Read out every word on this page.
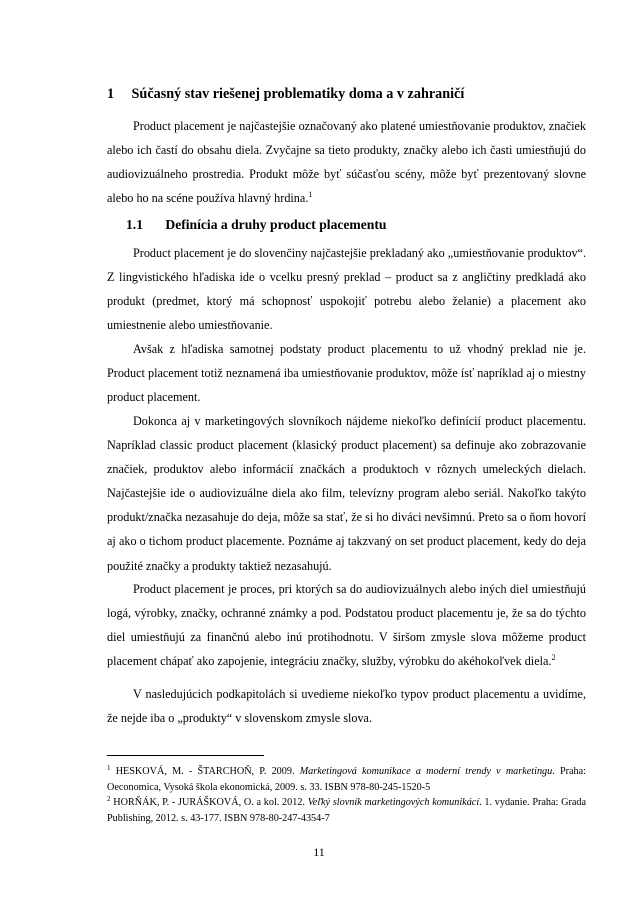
1 Súčasný stav riešenej problematiky doma a v zahraničí

Product placement je najčastejšie označovaný ako platené umiestňovanie produktov, značiek alebo ich častí do obsahu diela. Zvyčajne sa tieto produkty, značky alebo ich časti umiestňujú do audiovizuálneho prostredia. Produkt môže byť súčasťou scény, môže byť prezentovaný slovne alebo ho na scéne používa hlavný hrdina.$^1$

1.1 Definícia a druhy product placementu

Product placement je do slovenčiny najčastejšie prekladaný ako „umiestňovanie produktov“. Z lingvistického hľadiska ide o vcelku presný preklad – product sa z angličtiny predkladá ako produkt (predmet, ktorý má schopnosť uspokojiť potrebu alebo želanie) a placement ako umiestnenie alebo umiestňovanie.

Avšak z hľadiska samotnej podstaty product placementu to už vhodný preklad nie je. Product placement totiž neznamená iba umiestňovanie produktov, môže ísť napríklad aj o miestny product placement.

Dokonca aj v marketingových slovníkoch nájdeme niekoľko definícií product placementu. Napríklad classic product placement (klasický product placement) sa definuje ako zobrazovanie značiek, produktov alebo informácií značkách a produktoch v rôznych umeleckých dielach. Najčastejšie ide o audiovizuálne diela ako film, televízny program alebo seriál. Nakoľko takýto produkt/značka nezasahuje do deja, môže sa stať, že si ho diváci nevšimnú. Preto sa o ňom hovorí aj ako o tichom product placemente. Poznáme aj takzvaný on set product placement, kedy do deja použité značky a produkty taktiež nezasahujú.

Product placement je proces, pri ktorých sa do audiovizuálnych alebo iných diel umiestňujú logá, výrobky, značky, ochranné známky a pod. Podstatou product placementu je, že sa do týchto diel umiestňujú za finančnú alebo inú protihodnotu. V širšom zmysle slova môžeme product placement chápať ako zapojenie, integráciu značky, služby, výrobku do akéhokoľvek diela.$^2$

V nasledujúcich podkapitolách si uvedieme niekoľko typov product placementu a uvidíme, že nejde iba o „produkty“ v slovenskom zmysle slova.

$^1$ HESKOVÁ, M. - ŠTARCHOŇ, P. 2009. Marketingová komunikace a moderní trendy v marketingu. Praha: Oeconomica, Vysoká škola ekonomická, 2009. s. 33. ISBN 978-80-245-1520-5

$^2$ HORŇÁK, P. - JURÁŠKOVÁ, O. a kol. 2012. Veľký slovník marketingových komunikácí. 1. vydanie. Praha: Grada Publishing, 2012. s. 43-177. ISBN 978-80-247-4354-7

11
